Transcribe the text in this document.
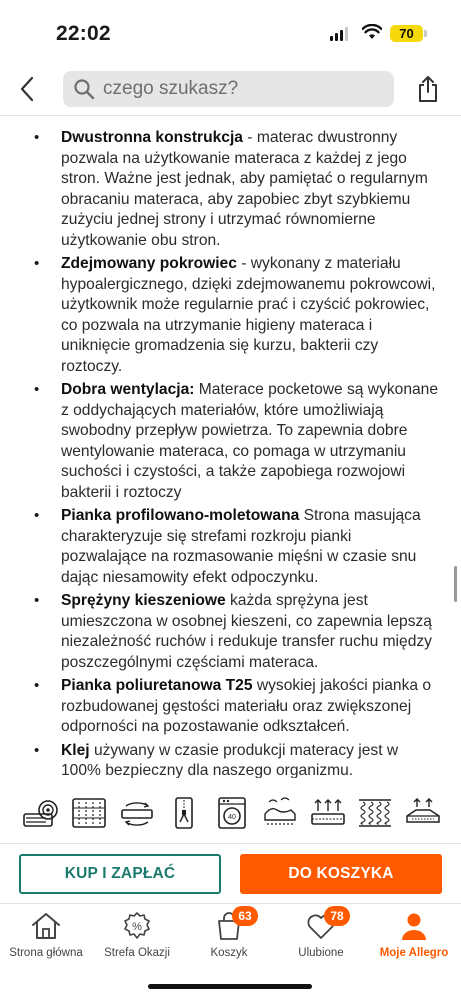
22:02	70
czego szukasz?
• Dwustronna konstrukcja - materac dwustronny pozwala na użytkowanie materaca z każdej z jego stron. Ważne jest jednak, aby pamiętać o regularnym obracaniu materaca, aby zapobiec zbyt szybkiemu zużyciu jednej strony i utrzymać równomierne użytkowanie obu stron.
• Zdejmowany pokrowiec - wykonany z materiału hypoalergicznego, dzięki zdejmowanemu pokrowcowi, użytkownik może regularnie prać i czyścić pokrowiec, co pozwala na utrzymanie higieny materaca i uniknięcie gromadzenia się kurzu, bakterii czy roztoczy.
• Dobra wentylacja: Materace pocketowe są wykonane z oddychających materiałów, które umożliwiają swobodny przepływ powietrza. To zapewnia dobre wentylowanie materaca, co pomaga w utrzymaniu suchości i czystości, a także zapobiega rozwojowi bakterii i roztoczy
• Pianka profilowano-moletowana Strona masująca charakteryzuje się strefami rozkroju pianki pozwalające na rozmasowanie mięśni w czasie snu dając niesamowity efekt odpoczynku.
• Sprężyny kieszeniowe każda sprężyna jest umieszczona w osobnej kieszeni, co zapewnia lepszą niezależność ruchów i redukuje transfer ruchu między poszczególnymi częściami materaca.
• Pianka poliuretanowa T25 wysokiej jakości pianka o rozbudowanej gęstości materiału oraz zwiększonej odporności na pozostawanie odkształceń.
• Klej używany w czasie produkcji materacy jest w 100% bezpieczny dla naszego organizmu.
40
KUP I ZAPŁAĆ	DO KOSZYKA
Strona główna
%
Strefa Okazji
63
Koszyk
78
Ulubione	Moje Allegro
